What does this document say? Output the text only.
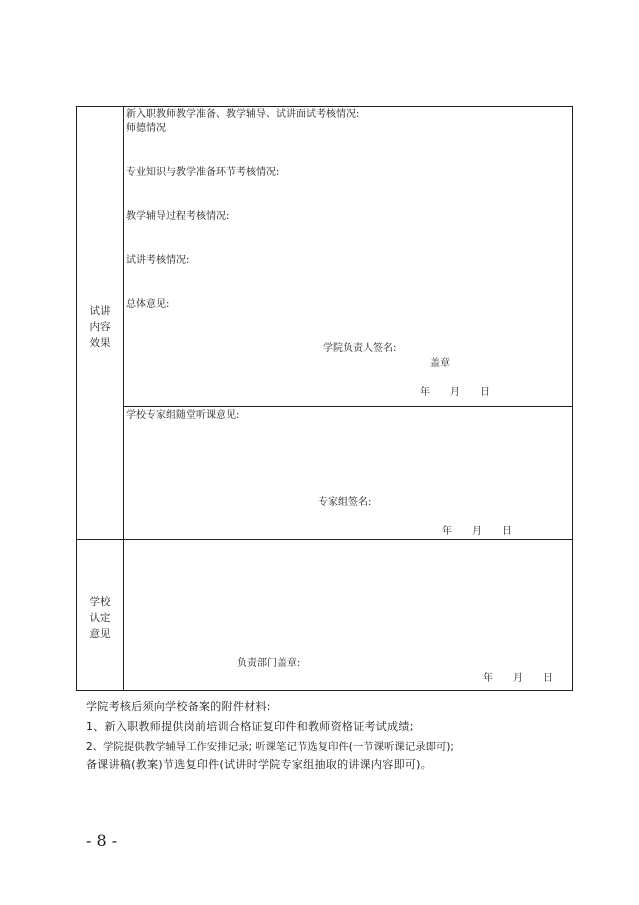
试讲
内容
效果
新入职教师教学准备、教学辅导、试讲面试考核情况:
师德情况
专业知识与教学准备环节考核情况:
教学辅导过程考核情况:
试讲考核情况:
总体意见:
学院负责人签名:
盖章
年　　月　　日
学校专家组随堂听课意见:
专家组签名:
年　　月　　日
学校
认定
意见
负责部门盖章:
年　　月　　日
学院考核后须向学校备案的附件材料:
1、新入职教师提供岗前培训合格证复印件和教师资格证考试成绩;
2、学院提供教学辅导工作安排记录; 听课笔记节选复印件(一节课听课记录即可);
备课讲稿(教案)节选复印件(试讲时学院专家组抽取的讲课内容即可)。
- 8 -
